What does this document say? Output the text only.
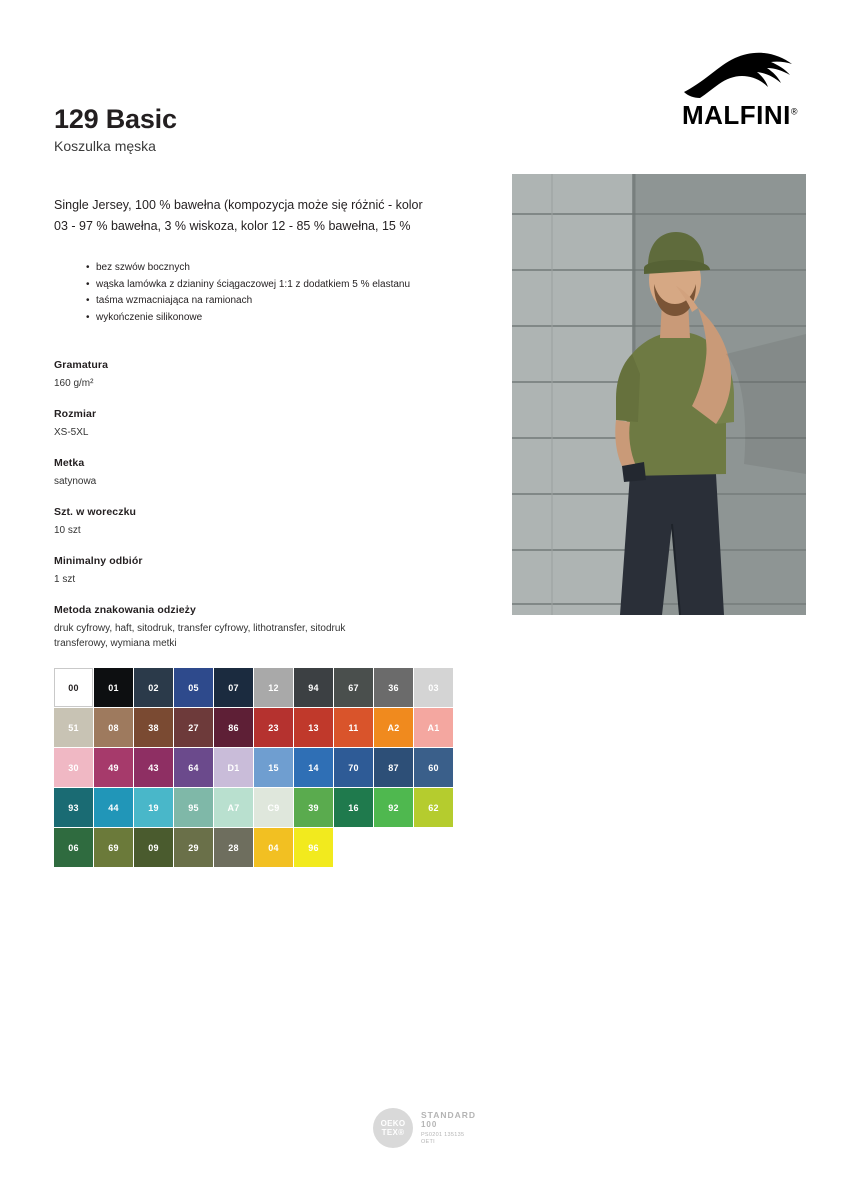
MALFINI®
129 Basic

Koszulka męska

Single Jersey, 100 % bawełna (kompozycja może się różnić - kolor 03 - 97 % bawełna, 3 % wiskoza, kolor 12 - 85 % bawełna, 15 %

• bez szwów bocznych
• wąska lamówka z dzianiny ściągaczowej 1:1 z dodatkiem 5 % elastanu
• taśma wzmacniająca na ramionach
• wykończenie silikonowe

Gramatura

160 g/m²

Rozmiar

XS-5XL

Metka

satynowa

Szt. w woreczku

10 szt

Minimalny odbiór

1 szt

Metoda znakowania odzieży

druk cyfrowy, haft, sitodruk, transfer cyfrowy, lithotransfer, sitodruk transferowy, wymiana metki

00	01	02	05	07	12	94	67	36	03
51	08	38	27	86	23	13	11	A2	A1
30	49	43	64	D1	15	14	70	87	60
93	44	19	95	A7	C9	39	16	92	62
06	69	09	29	28	04	96
OEKO
TEX®
STANDARD
100
PS0201 135135
OETI
